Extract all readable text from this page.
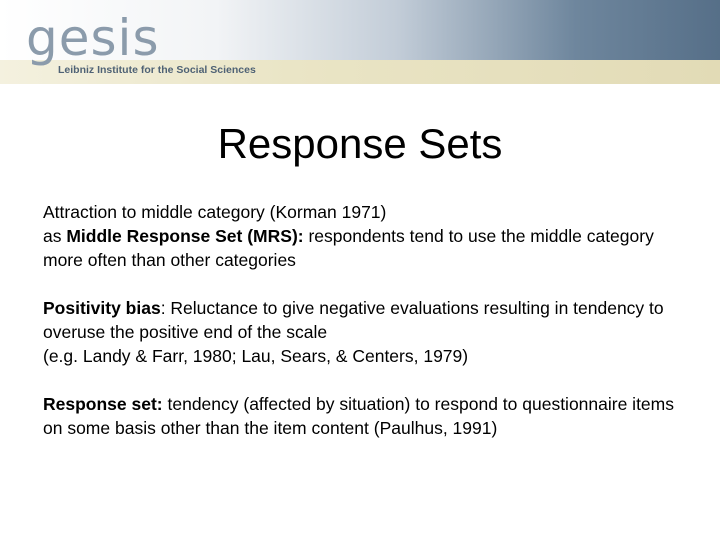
gesis
Leibniz Institute for the Social Sciences
Response Sets

Attraction to middle category (Korman 1971)

as Middle Response Set (MRS): respondents tend to use the middle category more often than other categories

Positivity bias: Reluctance to give negative evaluations resulting in tendency to overuse the positive end of the scale

(e.g. Landy & Farr, 1980; Lau, Sears, & Centers, 1979)

Response set: tendency (affected by situation) to respond to questionnaire items on some basis other than the item content (Paulhus, 1991)
